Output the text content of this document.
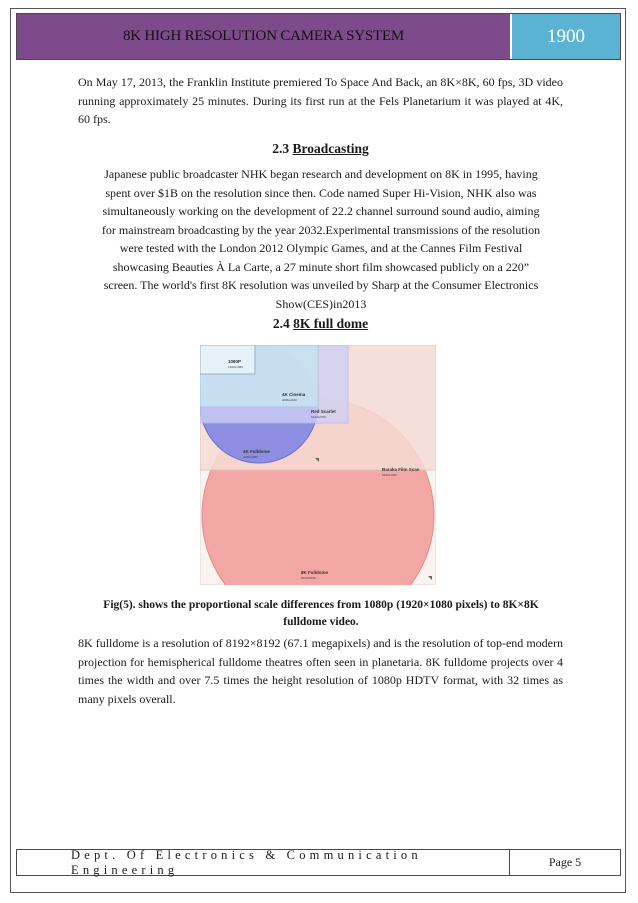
8K HIGH RESOLUTION CAMERA SYSTEM	1900

On May 17, 2013, the Franklin Institute premiered To Space And Back, an 8K×8K, 60 fps, 3D video running approximately 25 minutes. During its first run at the Fels Planetarium it was played at 4K, 60 fps.

2.3 Broadcasting

Japanese public broadcaster NHK began research and development on 8K in 1995, having
spent over $1B on the resolution since then. Code named Super Hi-Vision, NHK also was
simultaneously working on the development of 22.2 channel surround sound audio, aiming
for mainstream broadcasting by the year 2032.Experimental transmissions of the resolution
were tested with the London 2012 Olympic Games, and at the Cannes Film Festival
showcasing Beauties À La Carte, a 27 minute short film showcased publicly on a 220”
screen. The world's first 8K resolution was unveiled by Sharp at the Consumer Electronics
Show(CES)in2013

2.4 8K full dome
1080P
1920x1080
4K Cinema
4096x2160
Red Scarlet
5120x2700
4K Fulldome
4096x4096
Baraka Film Scan
8192x4320
8K Fulldome
8192x8192
Fig(5). shows the proportional scale differences from 1080p (1920×1080 pixels) to 8K×8K
fulldome video.

8K fulldome is a resolution of 8192×8192 (67.1 megapixels) and is the resolution of top-end modern projection for hemispherical fulldome theatres often seen in planetaria. 8K fulldome projects over 4 times the width and over 7.5 times the height resolution of 1080p HDTV format, with 32 times as many pixels overall.

Dept. Of Electronics & Communication Engineering
Page 5
